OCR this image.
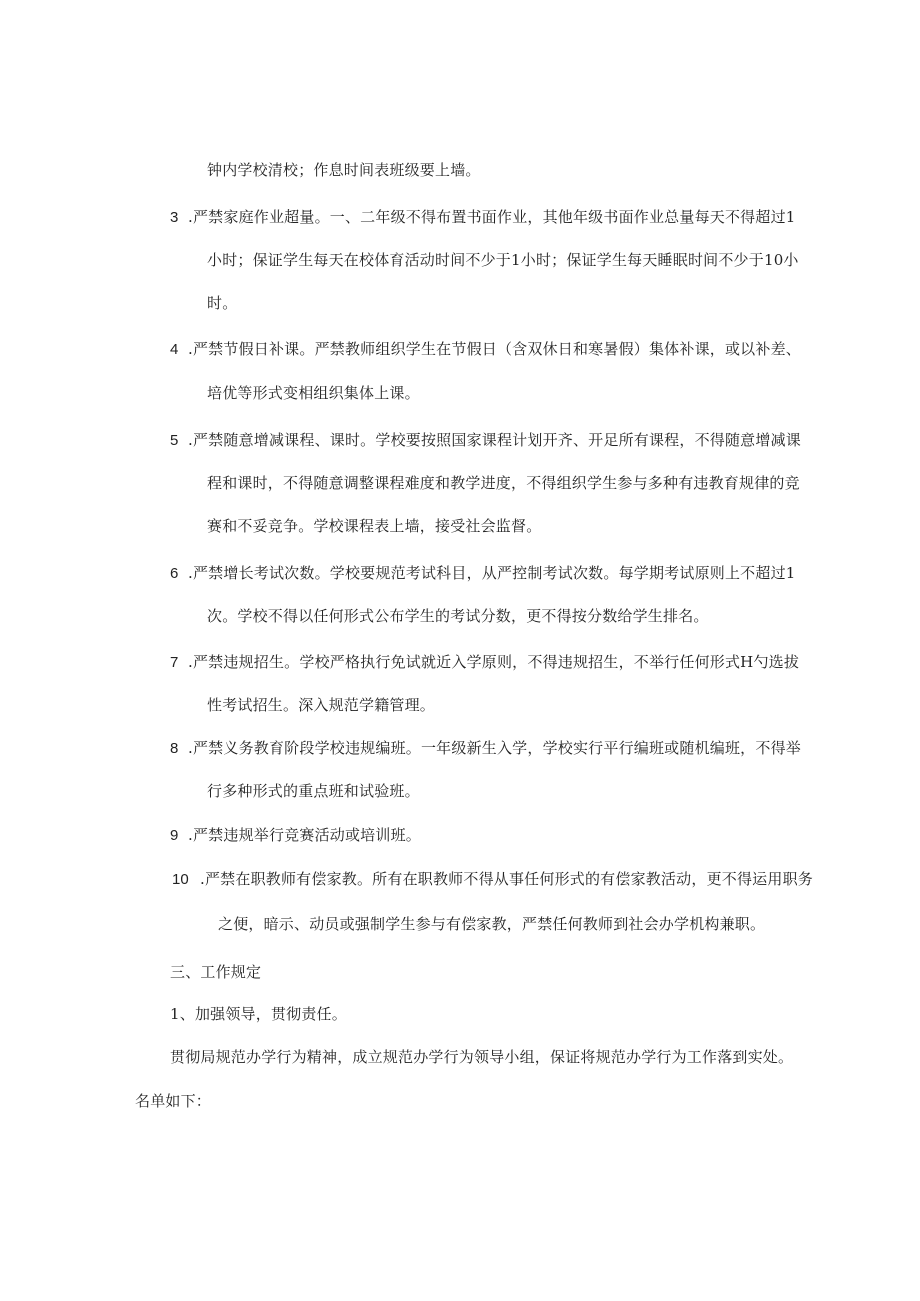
钟内学校清校；作息时间表班级要上墙。
3 .严禁家庭作业超量。一、二年级不得布置书面作业，其他年级书面作业总量每天不得超过1
小时；保证学生每天在校体育活动时间不少于1小时；保证学生每天睡眠时间不少于10小
时。
4 .严禁节假日补课。严禁教师组织学生在节假日（含双休日和寒暑假）集体补课，或以补差、
培优等形式变相组织集体上课。
5 .严禁随意增减课程、课时。学校要按照国家课程计划开齐、开足所有课程，不得随意增减课
程和课时，不得随意调整课程难度和教学进度，不得组织学生参与多种有违教育规律的竞
赛和不妥竞争。学校课程表上墙，接受社会监督。
6 .严禁增长考试次数。学校要规范考试科目，从严控制考试次数。每学期考试原则上不超过1
次。学校不得以任何形式公布学生的考试分数，更不得按分数给学生排名。
7 .严禁违规招生。学校严格执行免试就近入学原则，不得违规招生，不举行任何形式H勺选拔
性考试招生。深入规范学籍管理。
8 .严禁义务教育阶段学校违规编班。一年级新生入学，学校实行平行编班或随机编班，不得举
行多种形式的重点班和试验班。
9 .严禁违规举行竞赛活动或培训班。
10 .严禁在职教师有偿家教。所有在职教师不得从事任何形式的有偿家教活动，更不得运用职务
之便，暗示、动员或强制学生参与有偿家教，严禁任何教师到社会办学机构兼职。
三、工作规定
1、加强领导，贯彻责任。
贯彻局规范办学行为精神，成立规范办学行为领导小组，保证将规范办学行为工作落到实处。
名单如下：
